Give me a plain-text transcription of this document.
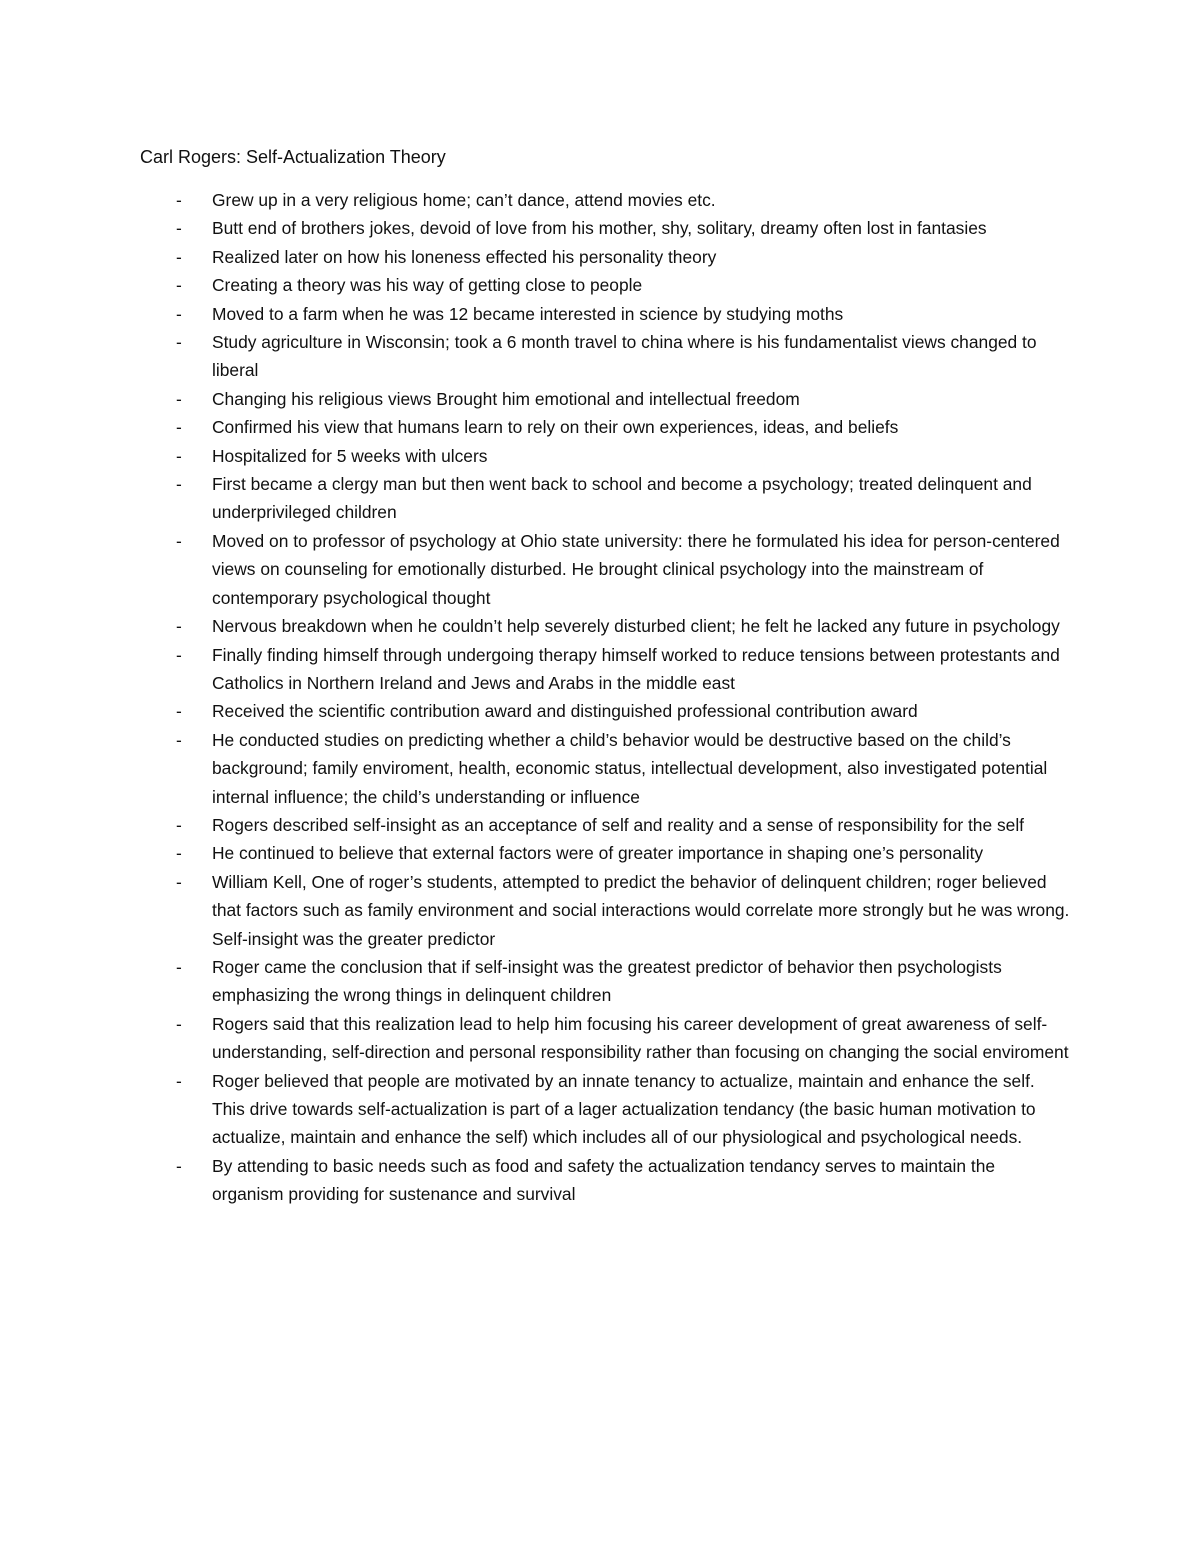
Carl Rogers: Self-Actualization Theory
-	Grew up in a very religious home; can’t dance, attend movies etc.
-	Butt end of brothers jokes, devoid of love from his mother, shy, solitary, dreamy often lost in fantasies
-	Realized later on how his loneness effected his personality theory
-	Creating a theory was his way of getting close to people
-	Moved to a farm when he was 12 became interested in science by studying moths
-	Study agriculture in Wisconsin; took a 6 month travel to china where is his fundamentalist views changed to liberal
-	Changing his religious views Brought him emotional and intellectual freedom
-	Confirmed his view that humans learn to rely on their own experiences, ideas, and beliefs
-	Hospitalized for 5 weeks with ulcers
-	First became a clergy man but then went back to school and become a psychology; treated delinquent and underprivileged children
-	Moved on to professor of psychology at Ohio state university: there he formulated his idea for person-centered views on counseling for emotionally disturbed. He brought clinical psychology into the mainstream of contemporary psychological thought
-	Nervous breakdown when he couldn’t help severely disturbed client; he felt he lacked any future in psychology
-	Finally finding himself through undergoing therapy himself worked to reduce tensions between protestants and Catholics in Northern Ireland and Jews and Arabs in the middle east
-	Received the scientific contribution award and distinguished professional contribution award
-	He conducted studies on predicting whether a child’s behavior would be destructive based on the child’s background; family enviroment, health, economic status, intellectual development, also investigated potential internal influence; the child’s understanding or influence
-	Rogers described self-insight as an acceptance of self and reality and a sense of responsibility for the self
-	He continued to believe that external factors were of greater importance in shaping one’s personality
-	William Kell, One of roger’s students, attempted to predict the behavior of delinquent children; roger believed that factors such as family environment and social interactions would correlate more strongly but he was wrong. Self-insight was the greater predictor
-	Roger came the conclusion that if self-insight was the greatest predictor of behavior then psychologists emphasizing the wrong things in delinquent children
-	Rogers said that this realization lead to help him focusing his career development of great awareness of self-understanding, self-direction and personal responsibility rather than focusing on changing the social enviroment
-	Roger believed that people are motivated by an innate tenancy to actualize, maintain and enhance the self. This drive towards self-actualization is part of a lager actualization tendancy (the basic human motivation to actualize, maintain and enhance the self) which includes all of our physiological and psychological needs.
-	By attending to basic needs such as food and safety the actualization tendancy serves to maintain the organism providing for sustenance and survival
